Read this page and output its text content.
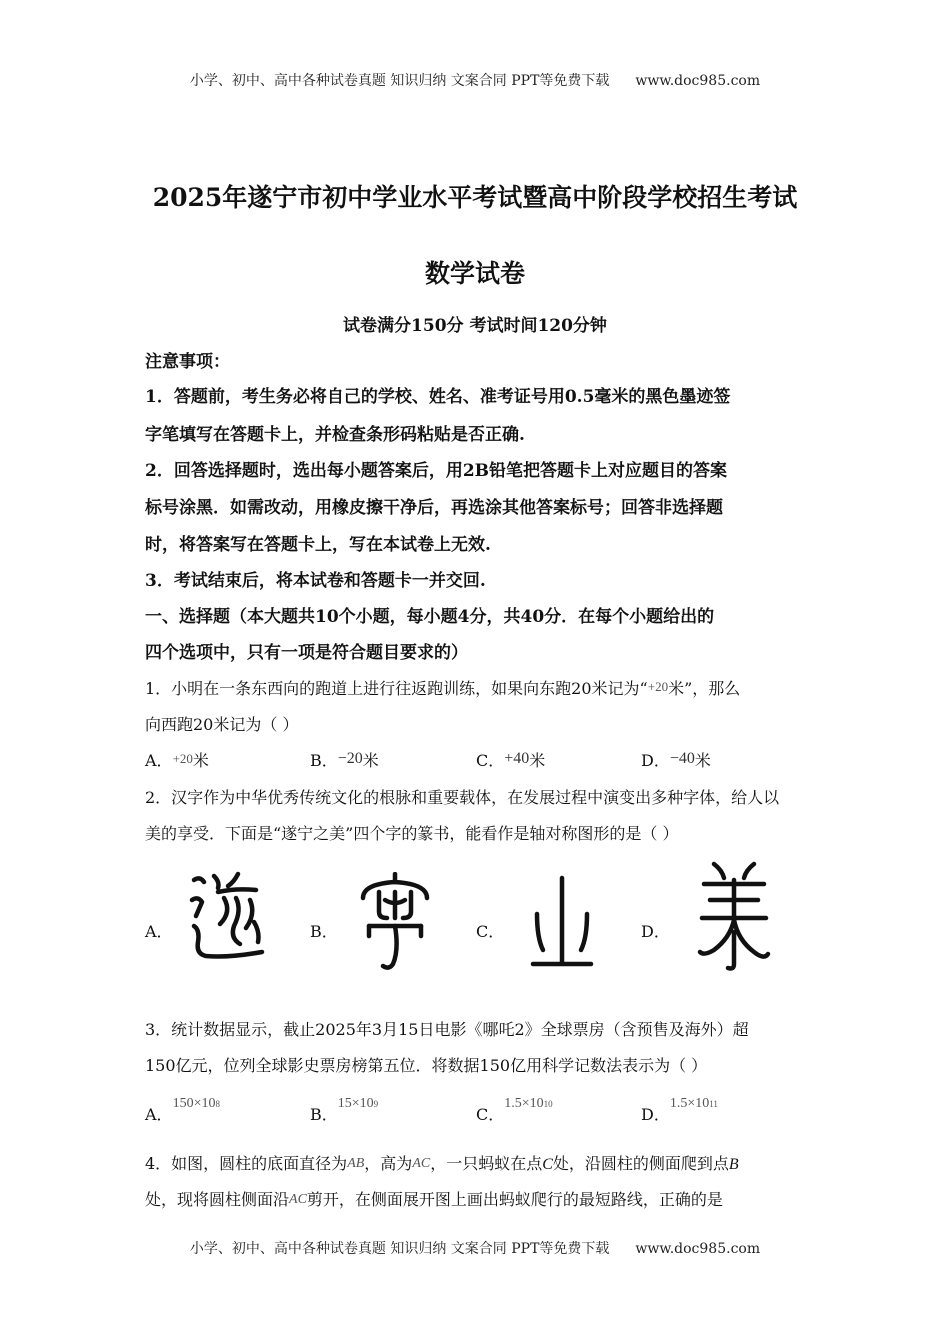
小学、初中、高中各种试卷真题 知识归纳 文案合同 PPT等免费下载 www.doc985.com
2025年遂宁市初中学业水平考试暨高中阶段学校招生考试
数学试卷
试卷满分150分 考试时间120分钟
注意事项：
1．答题前，考生务必将自己的学校、姓名、准考证号用0.5毫米的黑色墨迹签
字笔填写在答题卡上，并检查条形码粘贴是否正确.
2．回答选择题时，选出每小题答案后，用2B铅笔把答题卡上对应题目的答案
标号涂黑．如需改动，用橡皮擦干净后，再选涂其他答案标号；回答非选择题
时，将答案写在答题卡上，写在本试卷上无效.
3．考试结束后，将本试卷和答题卡一并交回.
一、选择题（本大题共10个小题，每小题4分，共40分．在每个小题给出的
四个选项中，只有一项是符合题目要求的）
1．小明在一条东西向的跑道上进行往返跑训练，如果向东跑20米记为“+20米”，那么
向西跑20米记为（ ）
A．+20米	B．−20米	C．+40米	D．−40米
2．汉字作为中华优秀传统文化的根脉和重要载体，在发展过程中演变出多种字体，给人以
美的享受．下面是“遂宁之美”四个字的篆书，能看作是轴对称图形的是（ ）
A．	B．	C．	D．
3．统计数据显示，截止2025年3月15日电影《哪吒2》全球票房（含预售及海外）超
150亿元，位列全球影史票房榜第五位．将数据150亿用科学记数法表示为（ ）
A．$150\times 10^8$
B．$15\times 10^9$
C．$1.5\times 10^{10}$
D．$1.5\times 10^{11}$
4．如图，圆柱的底面直径为AB，高为AC，一只蚂蚁在点C处，沿圆柱的侧面爬到点B
处，现将圆柱侧面沿AC剪开，在侧面展开图上画出蚂蚁爬行的最短路线，正确的是
小学、初中、高中各种试卷真题 知识归纳 文案合同 PPT等免费下载 www.doc985.com
